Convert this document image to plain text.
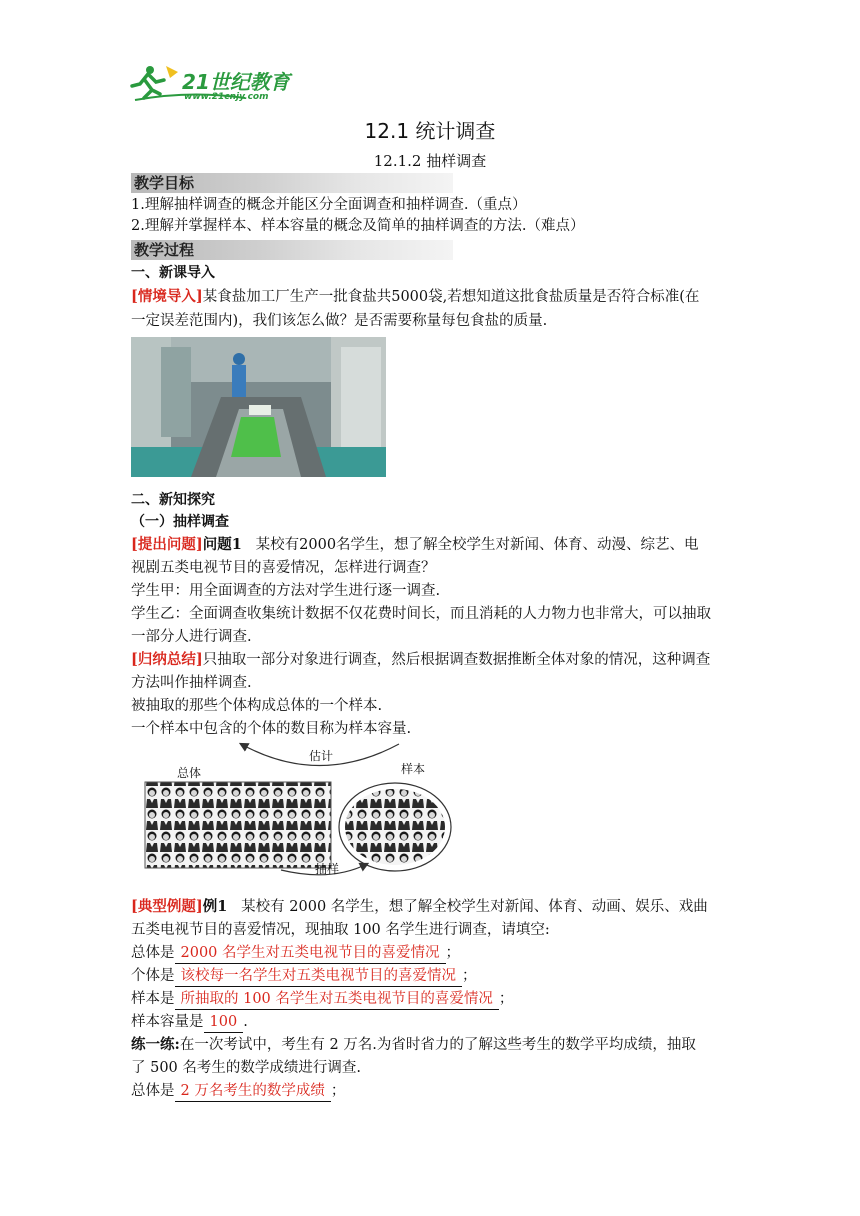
21世纪教育
www.21cnjy.com
12.1 统计调查
12.1.2 抽样调查
教学目标
1.理解抽样调查的概念并能区分全面调查和抽样调查.（重点）
2.理解并掌握样本、样本容量的概念及简单的抽样调查的方法.（难点）
教学过程
一、新课导入
[情境导入]某食盐加工厂生产一批食盐共5000袋,若想知道这批食盐质量是否符合标准(在
一定误差范围内)，我们该怎么做？是否需要称量每包食盐的质量.
二、新知探究
（一）抽样调查
[提出问题]问题1 某校有2000名学生，想了解全校学生对新闻、体育、动漫、综艺、电
视剧五类电视节目的喜爱情况，怎样进行调查？
学生甲：用全面调查的方法对学生进行逐一调查.
学生乙：全面调查收集统计数据不仅花费时间长，而且消耗的人力物力也非常大，可以抽取
一部分人进行调查.
[归纳总结]只抽取一部分对象进行调查，然后根据调查数据推断全体对象的情况，这种调查
方法叫作抽样调查.
被抽取的那些个体构成总体的一个样本.
一个样本中包含的个体的数目称为样本容量.
总体
估计
样本
抽样
[典型例题]例1 某校有 2000 名学生，想了解全校学生对新闻、体育、动画、娱乐、戏曲
五类电视节目的喜爱情况，现抽取 100 名学生进行调查，请填空:
总体是 2000 名学生对五类电视节目的喜爱情况 ；
个体是 该校每一名学生对五类电视节目的喜爱情况 ；
样本是 所抽取的 100 名学生对五类电视节目的喜爱情况 ；
样本容量是 100 .
练一练:在一次考试中，考生有 2 万名.为省时省力的了解这些考生的数学平均成绩，抽取
了 500 名考生的数学成绩进行调查.
总体是 2 万名考生的数学成绩 ；
